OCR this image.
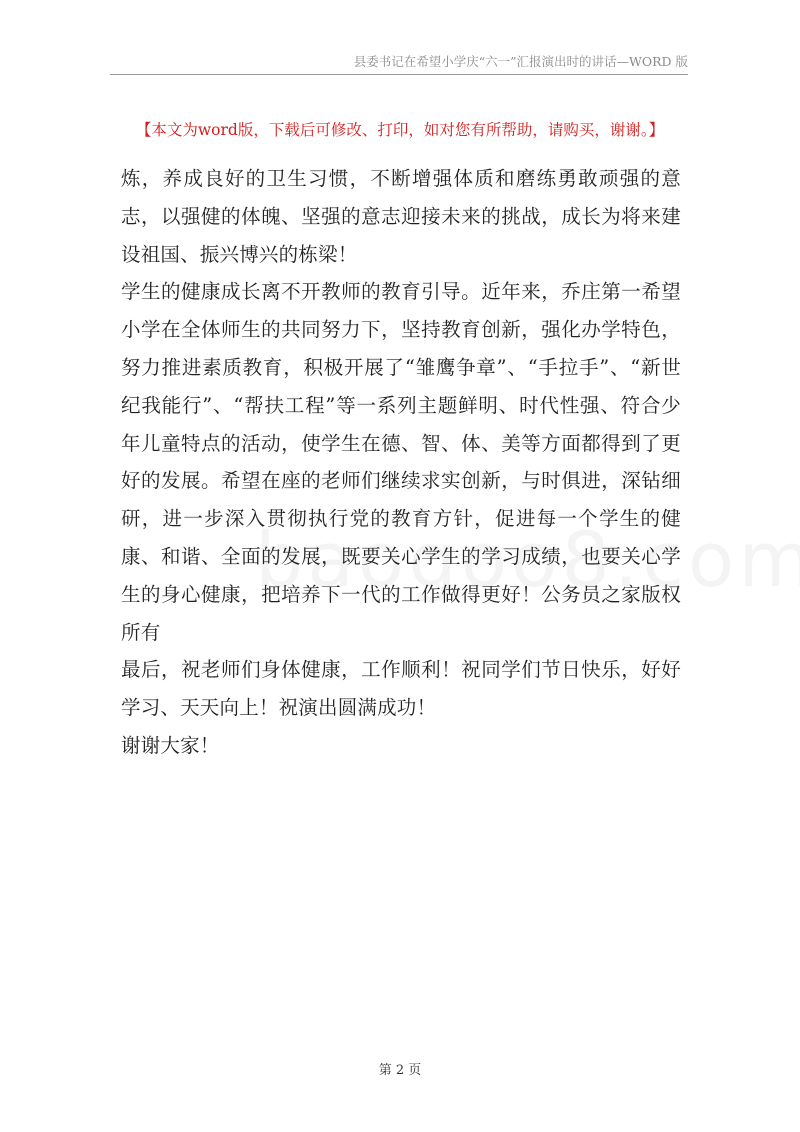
县委书记在希望小学庆“六一”汇报演出时的讲话—WORD 版
【本文为word版，下载后可修改、打印，如对您有所帮助，请购买，谢谢。】

炼，养成良好的卫生习惯，不断增强体质和磨练勇敢顽强的意志，以强健的体魄、坚强的意志迎接未来的挑战，成长为将来建设祖国、振兴博兴的栋梁！

学生的健康成长离不开教师的教育引导。近年来，乔庄第一希望小学在全体师生的共同努力下，坚持教育创新，强化办学特色，努力推进素质教育，积极开展了“雏鹰争章”、“手拉手”、“新世纪我能行”、“帮扶工程”等一系列主题鲜明、时代性强、符合少年儿童特点的活动，使学生在德、智、体、美等方面都得到了更好的发展。希望在座的老师们继续求实创新，与时俱进，深钻细研，进一步深入贯彻执行党的教育方针，促进每一个学生的健康、和谐、全面的发展，既要关心学生的学习成绩，也要关心学生的身心健康，把培养下一代的工作做得更好！公务员之家版权所有

最后，祝老师们身体健康，工作顺利！祝同学们节日快乐，好好学习、天天向上！祝演出圆满成功！

谢谢大家！

第 2 页
